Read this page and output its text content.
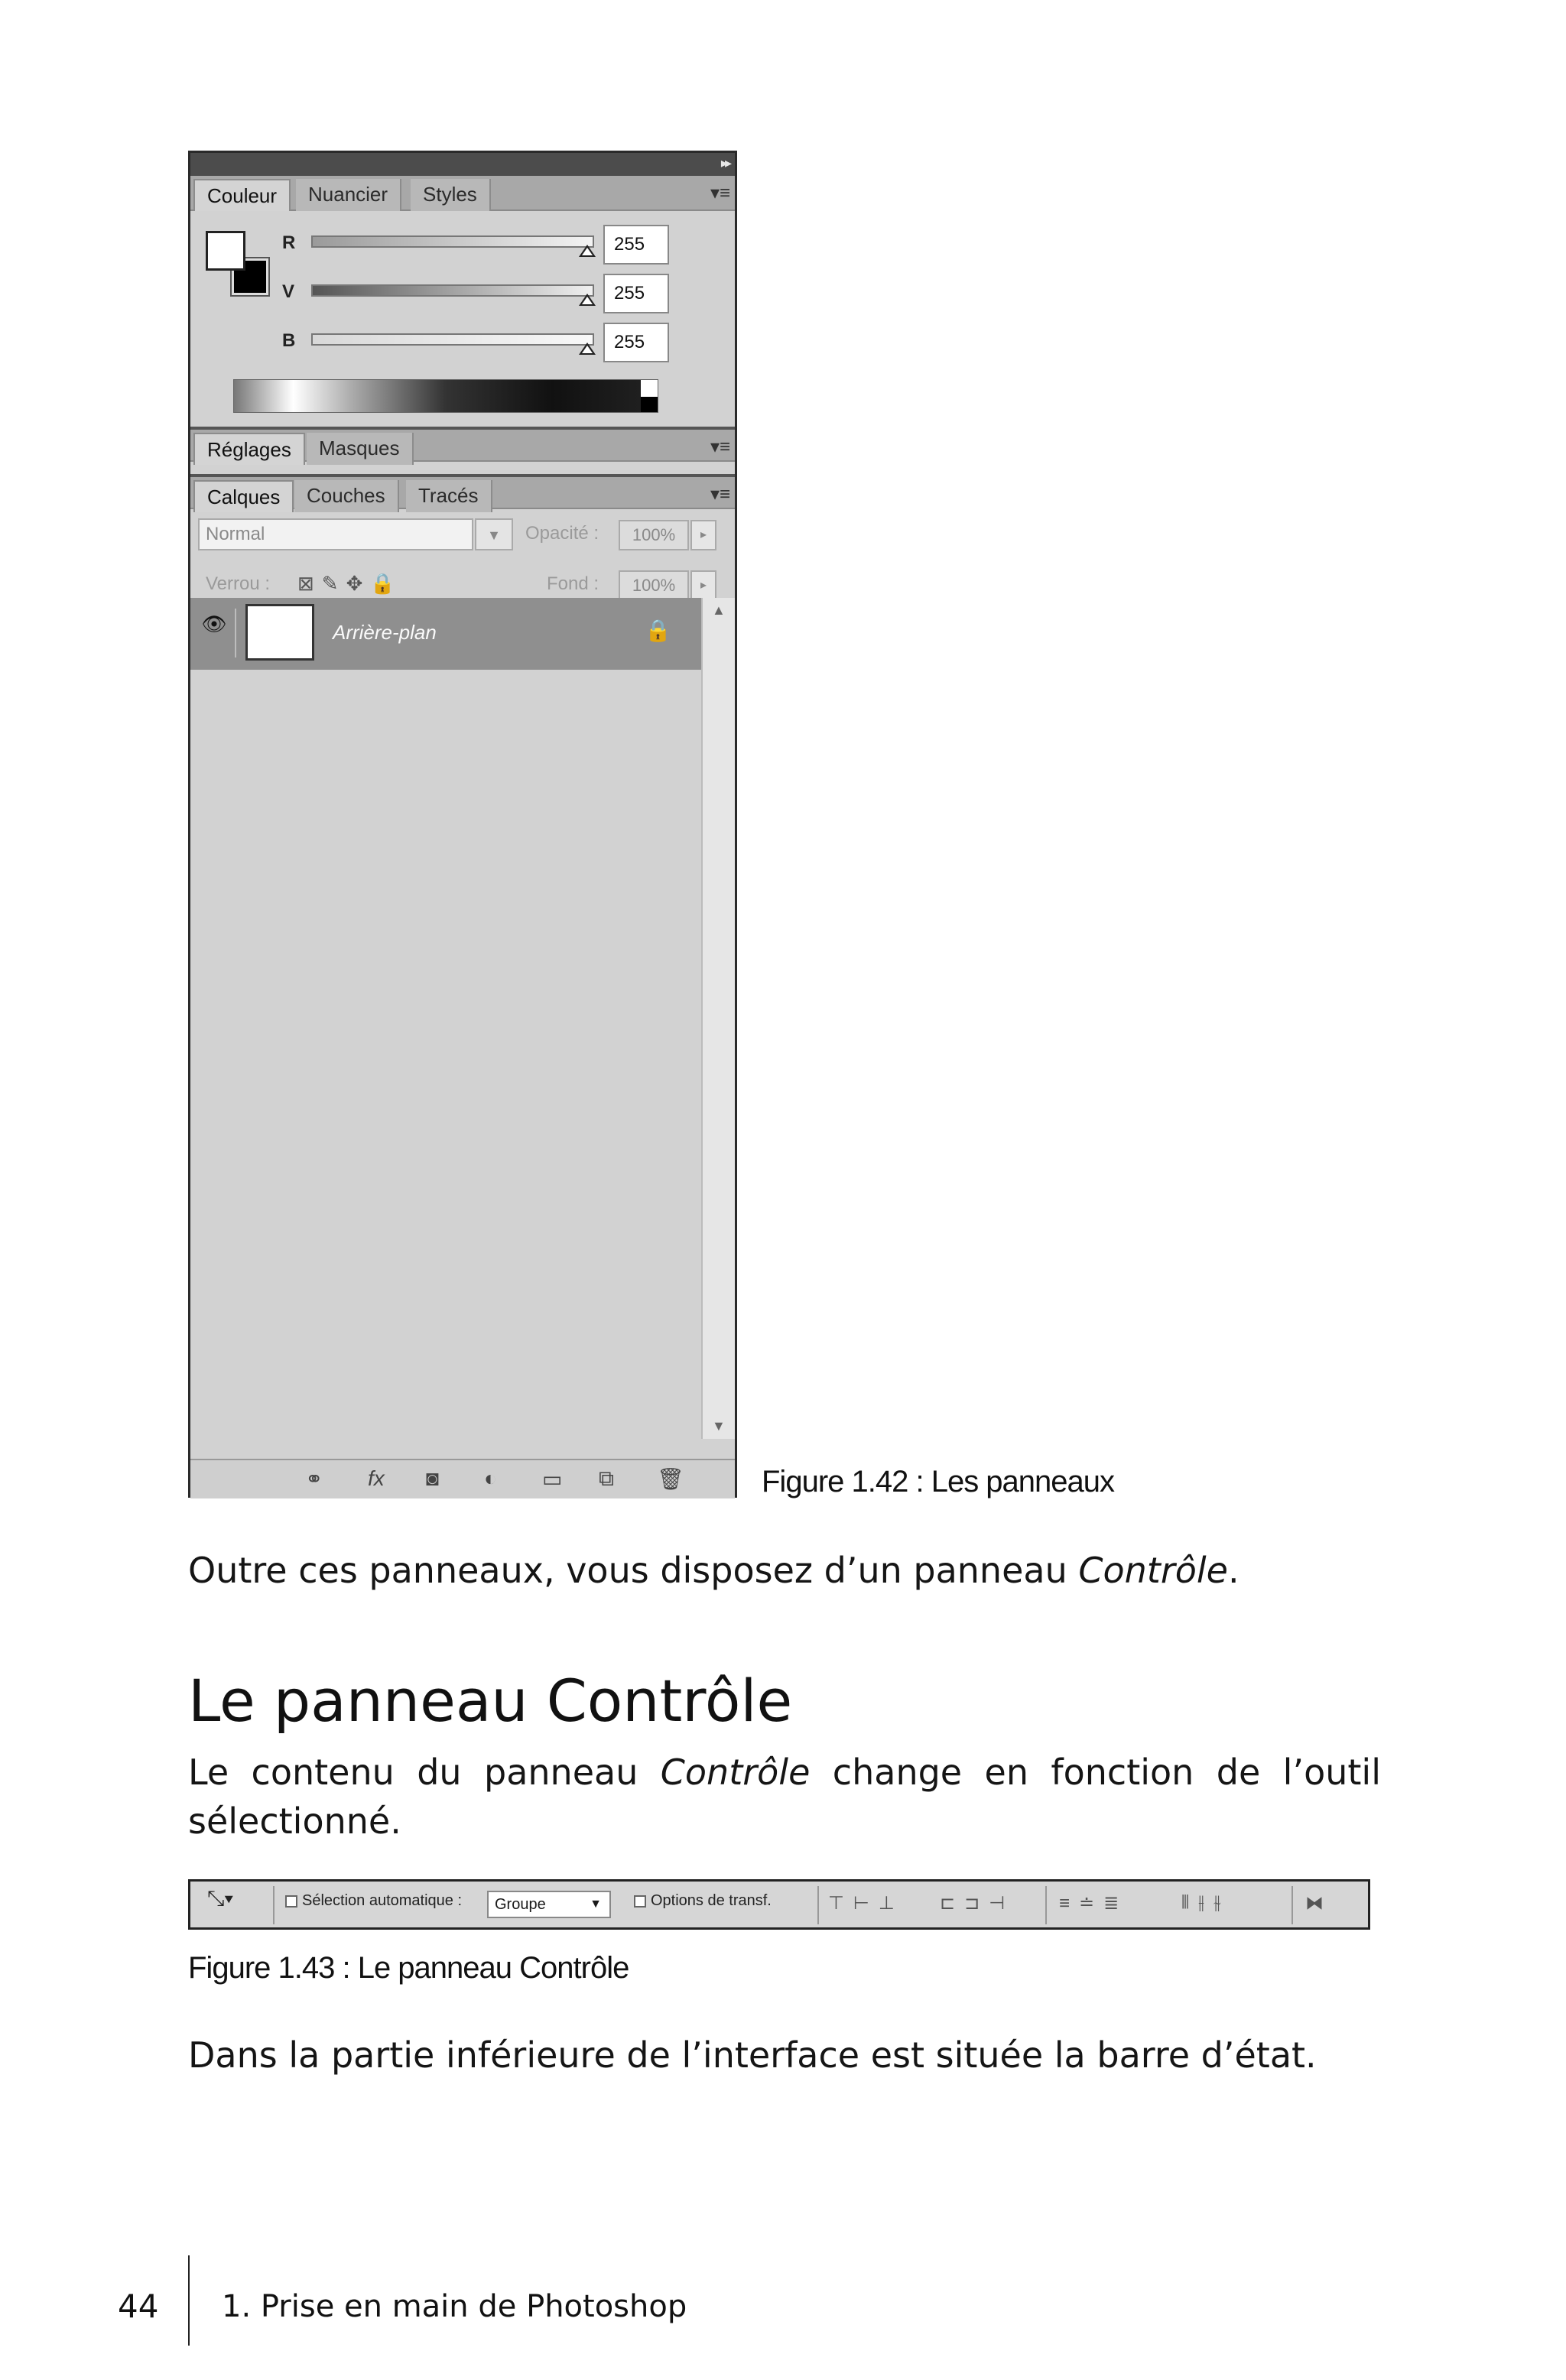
▸▸
Couleur	Nuancier	Styles	▾≡
R	255
V	255
B	255
Réglages	Masques	▾≡
Calques	Couches	Tracés	▾≡
Normal	▼	Opacité :	100%	▸
Verrou : ⊠✎✥🔒	Fond :	100%	▸
👁	Arrière-plan	🔒
▲
▼
⚭ fx ◙ ◐ ▭ ⧉ 🗑	Figure 1.42 : Les panneaux
Outre ces panneaux, vous disposez d’un panneau Contrôle.
Le panneau Contrôle
Le contenu du panneau Contrôle change en fonction de l’outil
sélectionné.
⤡▾	Sélection automatique :	Groupe	▼	Options de transf.	⊤⊢⊥ ⊏⊐⊣ ≡≐≣	⫴⫲⫳	⧓
Figure 1.43 : Le panneau Contrôle
Dans la partie inférieure de l’interface est située la barre d’état.
44 1. Prise en main de Photoshop
